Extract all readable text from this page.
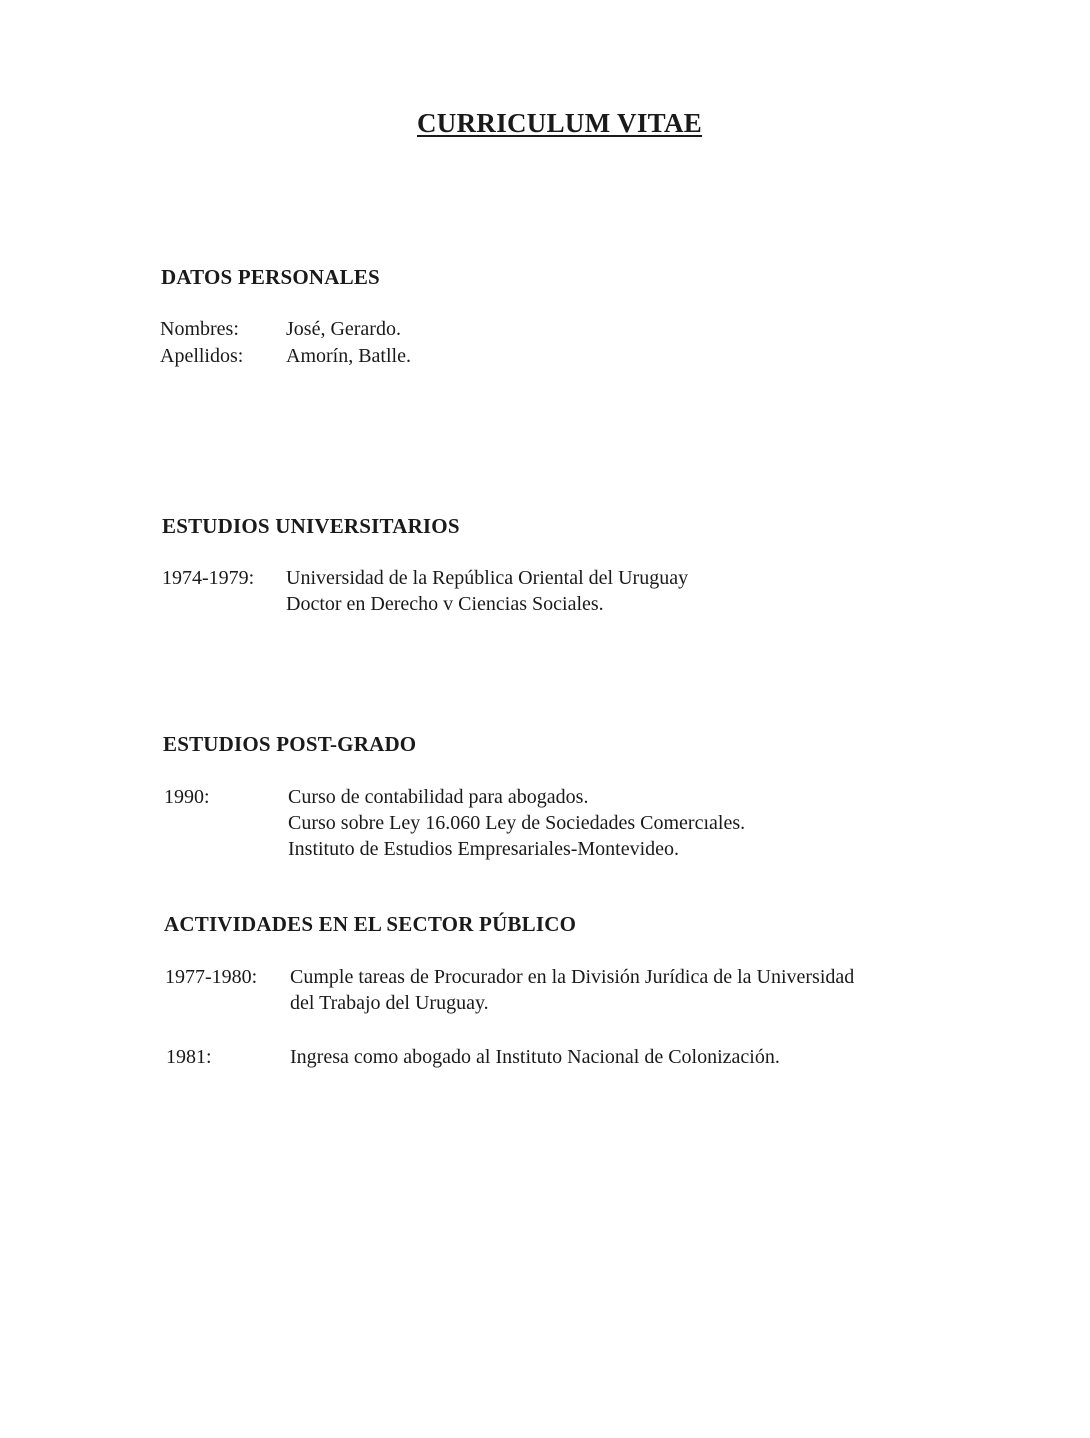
CURRICULUM VITAE
DATOS PERSONALES
Nombres: José, Gerardo.
Apellidos: Amorín, Batlle.
ESTUDIOS UNIVERSITARIOS
1974-1979: Universidad de la República Oriental del Uruguay
Doctor en Derecho v Ciencias Sociales.
ESTUDIOS POST-GRADO
1990:	Curso de contabilidad para abogados.
Curso sobre Ley 16.060 Ley de Sociedades Comercıales.
Instituto de Estudios Empresariales-Montevideo.
ACTIVIDADES EN EL SECTOR PÚBLICO
1977-1980: Cumple tareas de Procurador en la División Jurídica de la Universidad
del Trabajo del Uruguay.
1981:	Ingresa como abogado al Instituto Nacional de Colonización.
